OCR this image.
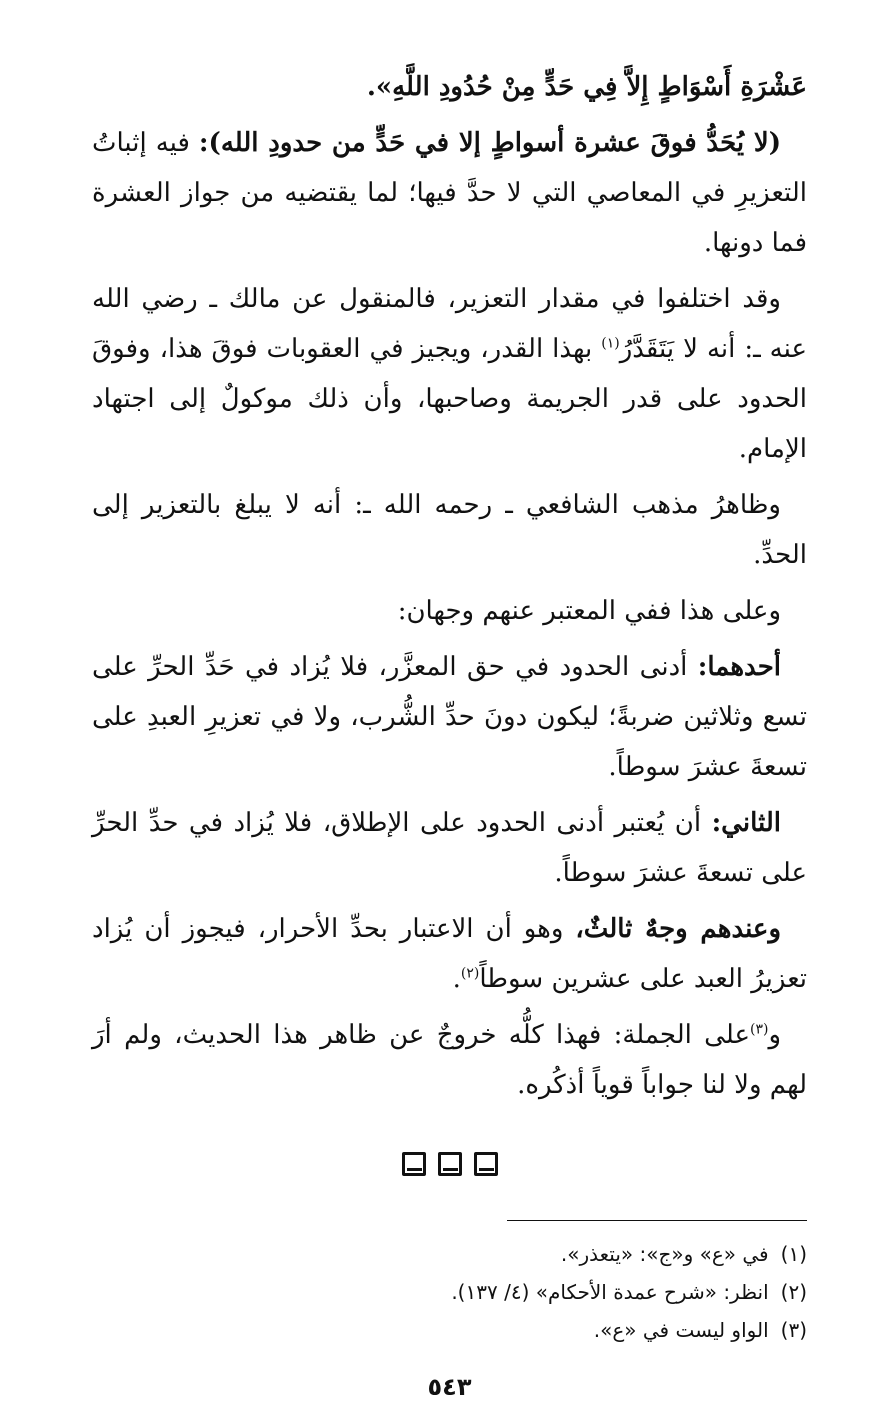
عَشْرَةِ أَسْوَاطٍ إِلاَّ فِي حَدٍّ مِنْ حُدُودِ اللَّهِ».

(لا يُحَدُّ فوقَ عشرة أسواطٍ إلا في حَدٍّ من حدودِ الله): فيه إثباتُ التعزيرِ في المعاصي التي لا حدَّ فيها؛ لما يقتضيه من جواز العشرة فما دونها.

وقد اختلفوا في مقدار التعزير، فالمنقول عن مالك ـ رضي الله عنه ـ: أنه لا يَتَقَدَّرُ$^{(١)}$ بهذا القدر، ويجيز في العقوبات فوقَ هذا، وفوقَ الحدود على قدر الجريمة وصاحبها، وأن ذلك موكولٌ إلى اجتهاد الإمام.

وظاهرُ مذهب الشافعي ـ رحمه الله ـ: أنه لا يبلغ بالتعزير إلى الحدِّ.

وعلى هذا ففي المعتبر عنهم وجهان:

أحدهما: أدنى الحدود في حق المعزَّر، فلا يُزاد في حَدِّ الحرِّ على تسع وثلاثين ضربةً؛ ليكون دونَ حدِّ الشُّرب، ولا في تعزيرِ العبدِ على تسعةَ عشرَ سوطاً.

الثاني: أن يُعتبر أدنى الحدود على الإطلاق، فلا يُزاد في حدِّ الحرِّ على تسعةَ عشرَ سوطاً.

وعندهم وجهٌ ثالثٌ، وهو أن الاعتبار بحدِّ الأحرار، فيجوز أن يُزاد تعزيرُ العبد على عشرين سوطاً$^{(٢)}$.

و$^{(٣)}$على الجملة: فهذا كلُّه خروجٌ عن ظاهر هذا الحديث، ولم أرَ لهم ولا لنا جواباً قوياً أذكُره.

(١)في «ع» و«ج»: «يتعذر».
(٢)انظر: «شرح عمدة الأحكام» (٤/ ١٣٧).
(٣)الواو ليست في «ع».
٥٤٣
